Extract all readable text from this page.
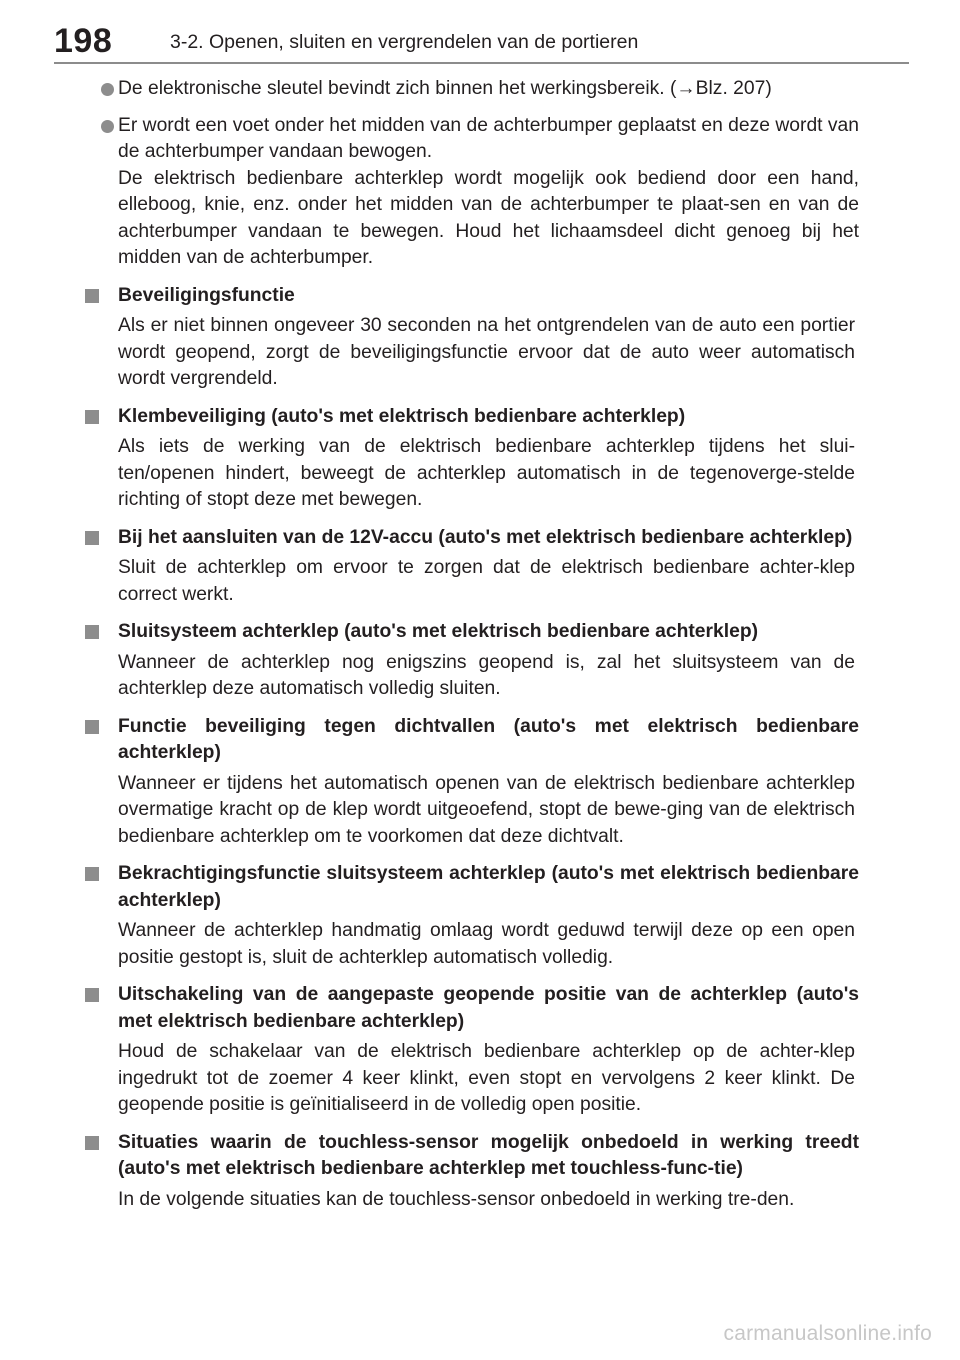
198	3-2. Openen, sluiten en vergrendelen van de portieren

De elektronische sleutel bevindt zich binnen het werkingsbereik. (→Blz. 207)

Er wordt een voet onder het midden van de achterbumper geplaatst en deze wordt van de achterbumper vandaan bewogen.
De elektrisch bedienbare achterklep wordt mogelijk ook bediend door een hand, elleboog, knie, enz. onder het midden van de achterbumper te plaat-sen en van de achterbumper vandaan te bewegen. Houd het lichaamsdeel dicht genoeg bij het midden van de achterbumper.

Beveiligingsfunctie

Als er niet binnen ongeveer 30 seconden na het ontgrendelen van de auto een portier wordt geopend, zorgt de beveiligingsfunctie ervoor dat de auto weer automatisch wordt vergrendeld.

Klembeveiliging (auto's met elektrisch bedienbare achterklep)

Als iets de werking van de elektrisch bedienbare achterklep tijdens het slui-ten/openen hindert, beweegt de achterklep automatisch in de tegenoverge-stelde richting of stopt deze met bewegen.

Bij het aansluiten van de 12V-accu (auto's met elektrisch bedienbare achterklep)

Sluit de achterklep om ervoor te zorgen dat de elektrisch bedienbare achter-klep correct werkt.

Sluitsysteem achterklep (auto's met elektrisch bedienbare achterklep)

Wanneer de achterklep nog enigszins geopend is, zal het sluitsysteem van de achterklep deze automatisch volledig sluiten.

Functie beveiliging tegen dichtvallen (auto's met elektrisch bedienbare achterklep)

Wanneer er tijdens het automatisch openen van de elektrisch bedienbare achterklep overmatige kracht op de klep wordt uitgeoefend, stopt de bewe-ging van de elektrisch bedienbare achterklep om te voorkomen dat deze dichtvalt.

Bekrachtigingsfunctie sluitsysteem achterklep (auto's met elektrisch bedienbare achterklep)

Wanneer de achterklep handmatig omlaag wordt geduwd terwijl deze op een open positie gestopt is, sluit de achterklep automatisch volledig.

Uitschakeling van de aangepaste geopende positie van de achterklep (auto's met elektrisch bedienbare achterklep)

Houd de schakelaar van de elektrisch bedienbare achterklep op de achter-klep ingedrukt tot de zoemer 4 keer klinkt, even stopt en vervolgens 2 keer klinkt. De geopende positie is geïnitialiseerd in de volledig open positie.

Situaties waarin de touchless-sensor mogelijk onbedoeld in werking treedt (auto's met elektrisch bedienbare achterklep met touchless-func-tie)

In de volgende situaties kan de touchless-sensor onbedoeld in werking tre-den.

carmanualsonline.info
